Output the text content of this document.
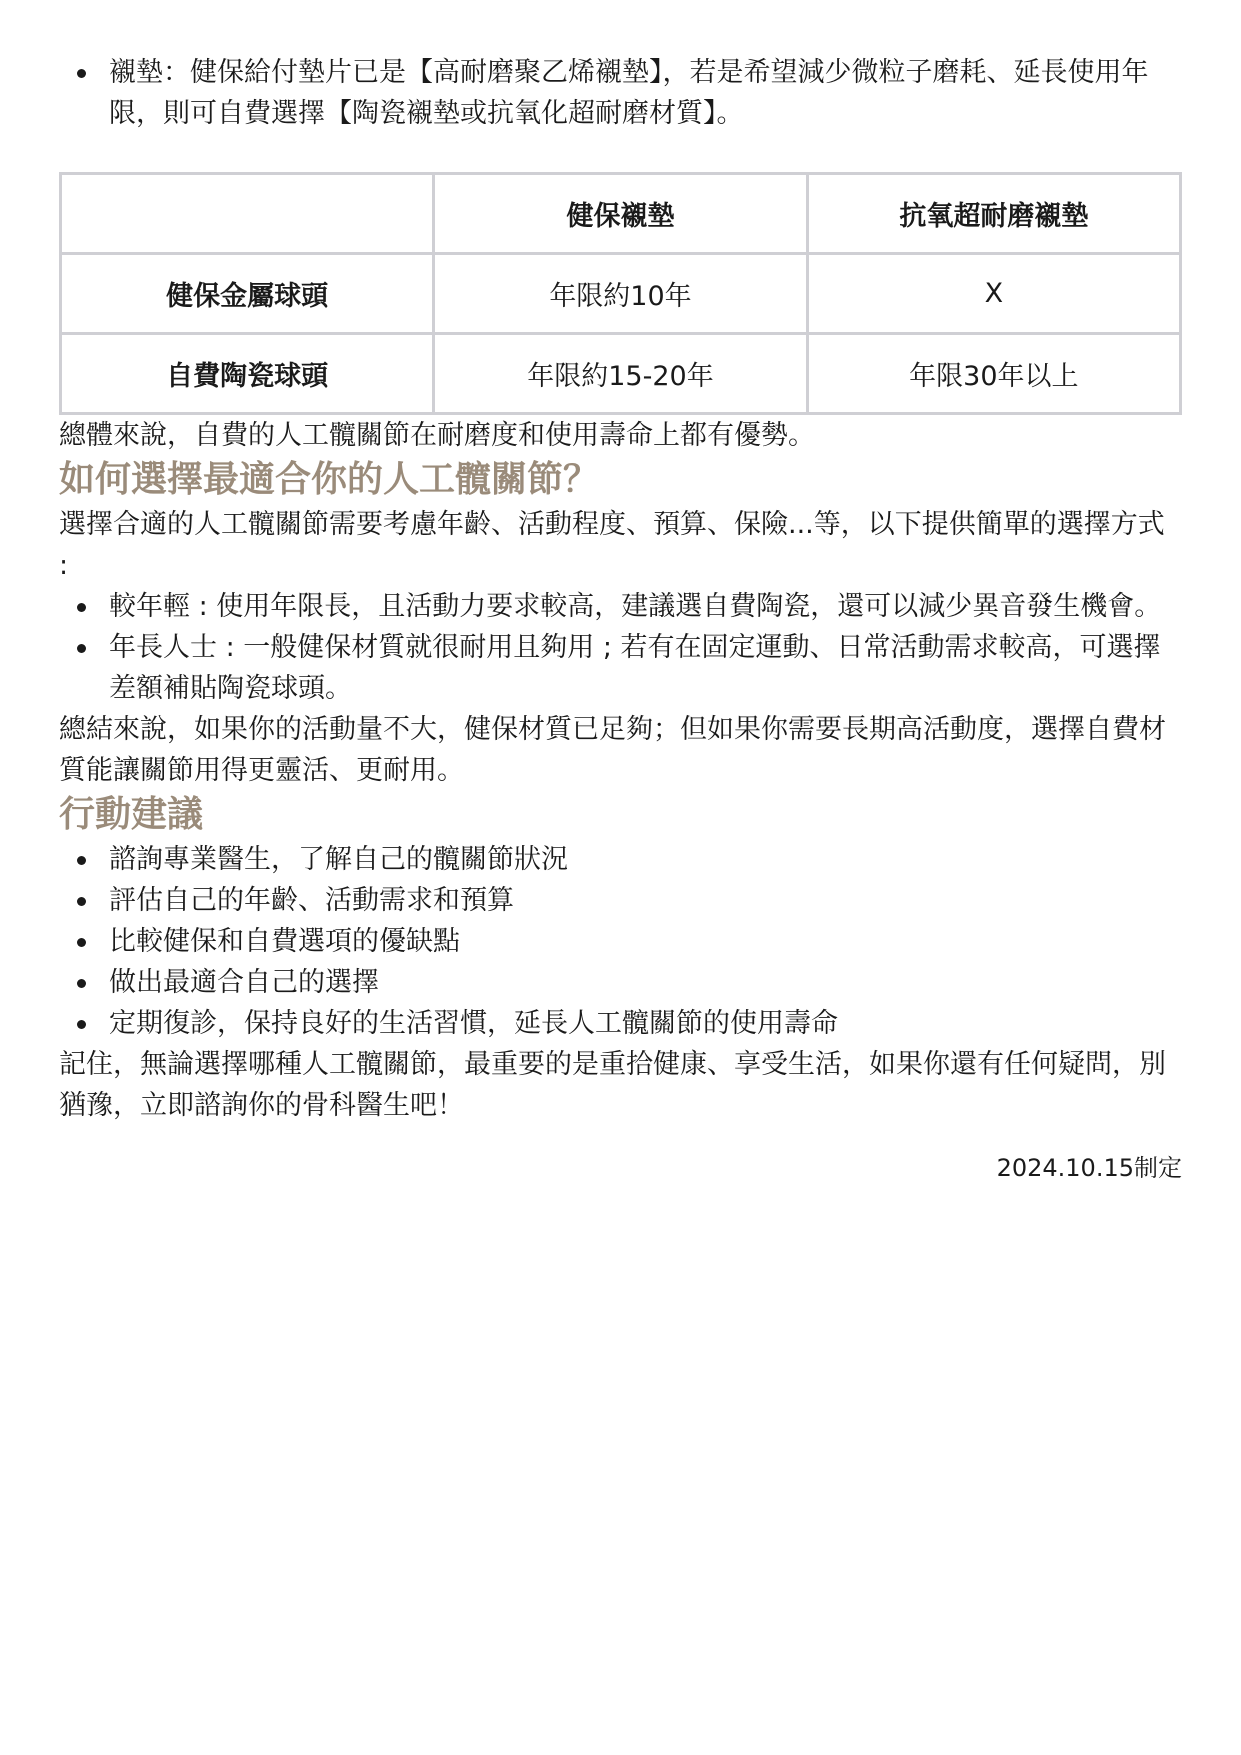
襯墊：健保給付墊片已是【高耐磨聚乙烯襯墊】，若是希望減少微粒子磨耗、延長使用年限，則可自費選擇【陶瓷襯墊或抗氧化超耐磨材質】。
	健保襯墊	抗氧超耐磨襯墊
健保金屬球頭	年限約10年	X
自費陶瓷球頭	年限約15-20年	年限30年以上

總體來說，自費的人工髖關節在耐磨度和使用壽命上都有優勢。

如何選擇最適合你的人工髖關節？

選擇合適的人工髖關節需要考慮年齡、活動程度、預算、保險...等，以下提供簡單的選擇方式 :

較年輕 : 使用年限長，且活動力要求較高，建議選自費陶瓷，還可以減少異音發生機會。
年長人士 : 一般健保材質就很耐用且夠用 ; 若有在固定運動、日常活動需求較高，可選擇差額補貼陶瓷球頭。

總結來說，如果你的活動量不大，健保材質已足夠；但如果你需要長期高活動度，選擇自費材質能讓關節用得更靈活、更耐用。

行動建議
諮詢專業醫生，了解自己的髖關節狀況
評估自己的年齡、活動需求和預算
比較健保和自費選項的優缺點
做出最適合自己的選擇
定期復診，保持良好的生活習慣，延長人工髖關節的使用壽命

記住，無論選擇哪種人工髖關節，最重要的是重拾健康、享受生活，如果你還有任何疑問，別猶豫，立即諮詢你的骨科醫生吧！

2024.10.15制定
